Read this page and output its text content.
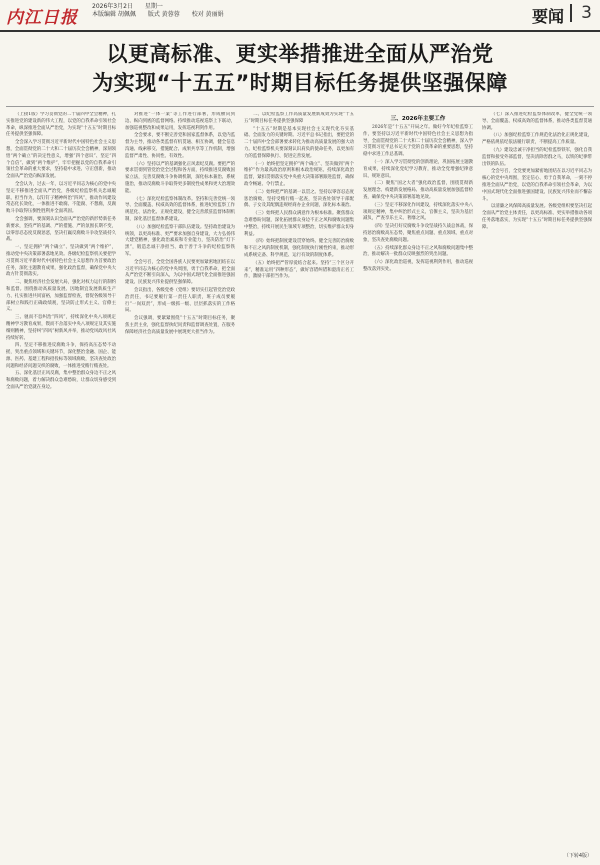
内江日报
2026年3月2日 星期一
本版编辑 胡佩佩 版式 黄蓉蓉 校对 黄丽娟	要闻 3
以更高标准、更实举措推进全面从严治党
为实现“十五五”时期目标任务提供坚强保障

（上接1版）学习贯彻党的二十届四中全会精神，扎实推进党的建设新的伟大工程，以党的自我革命引领社会革命，纵深推进全面从严治党，为实现“十五五”时期目标任务提供坚强保障。

全会深入学习贯彻习近平新时代中国特色社会主义思想，全面贯彻党的二十大和二十届历次全会精神，深刻领悟“两个确立”的决定性意义，增强“四个意识”、坚定“四个自信”、做到“两个维护”，牢牢把握以党的自我革命引领社会革命的重大要求，坚持稳中求进、守正创新，推动全面从严治党向纵深发展。

全会认为，过去一年，以习近平同志为核心的党中央坚定不移推进全面从严治党，各级纪检监察机关忠诚履职、担当作为，以钉钉子精神纠治“四风”，推动作风建设常态化长效化，一体推进不敢腐、不能腐、不想腐，反腐败斗争取得压倒性胜利并全面巩固。

全会强调，要深刻认识全面从严治党的新形势新任务新要求，坚持严的基调、严的措施、严的氛围长期不变，以零容忍态度反腐惩恶，坚决打赢反腐败斗争攻坚战持久战。

一、坚定拥护“两个确立”、坚决做到“两个维护”，推动党中央决策部署落地见效。各级纪检监察机关要把学习贯彻习近平新时代中国特色社会主义思想作为首要政治任务，深化主题教育成果，强化政治监督，确保党中央大政方针贯彻落实。

二、聚焦经济社会发展大局，强化对权力运行的制约和监督。围绕推动高质量发展、因地制宜发展新质生产力、扎实推进共同富裕，加强监督检查，督促各级领导干部树立和践行正确政绩观，坚决防止形式主义、官僚主义。

三、驰而不息纠治“四风”，持续深化中央八项规定精神学习教育成果，锲而不舍落实中央八项规定及其实施细则精神，坚持纠“四风”树新风并举，推动党风政风社风持续好转。

四、坚定不移推进反腐败斗争，保持高压态势不动摇，突出重点领域和关键环节，深化整治金融、国企、能源、医药、基建工程和招投标等领域腐败，坚决查处政治问题和经济问题交织的腐败，一体推进受贿行贿查处。

五、深化基层正风反腐，集中整治群众身边不正之风和腐败问题，着力解决群众急难愁盼，让群众切身感受到全面从严治党就在身边。

对推进“一体一案”等工作进行部署，形成横向到边、纵向到底的监督网络。持续推动巡视巡察上下联动，加强巡视整改和成果运用，发挥巡视利剑作用。

全会要求，要不断完善党和国家监督体系，以党内监督为主导，推动各类监督有机贯通、相互协调，健全信息沟通、线索移交、措施配合、成果共享等工作机制，增强监督严肃性、协同性、有效性。

（六）坚持以严的基调强化正风肃纪反腐。要把严的要求贯彻到管党治党全过程和各方面，持续推进反腐败国家立法，完善反腐败斗争协调机制，深化标本兼治、系统施治，推动反腐败斗争取得更多制度性成果和更大治理效能。

（七）深化纪检监察体制改革。坚持和完善党统一领导、全面覆盖、权威高效的监督体系，推进纪检监察工作规范化、法治化、正规化建设，健全完善派驻监督体制机制，深化基层监督体系建设。

（八）加强纪检监察干部队伍建设。坚持政治建设为统领，以更高标准、更严要求加强自身建设，大力弘扬伟大建党精神，强化政治素质和专业能力，坚决防治“灯下黑”，锻造忠诚干净担当、敢于善于斗争的纪检监察铁军。

全会号召，全党全国各族人民要更加紧密地团结在以习近平同志为核心的党中央周围，勇于自我革命，把全面从严治党不断引向深入，为以中国式现代化全面推进强国建设、民族复兴伟业提供坚强保障。

会议指出，各级党委（党组）要切实扛起管党治党政治责任，书记要履行第一责任人职责，班子成员要履行“一岗双责”，形成一级抓一级、层层抓落实的工作格局。

会议强调，要紧紧围绕“十五五”时期目标任务，聚焦主责主业，强化监督执纪问责和监督调查处置，在服务保障经济社会高质量发展中展现更大担当作为。

二、以纪检监察工作高质量发展新成效为实现“十五五”时期目标任务提供坚强保障

“十五五”时期是基本实现社会主义现代化夯实基础、全面发力的关键时期。习近平总书记指出，要把党的二十届四中全会部署要求转化为推动高质量发展的强大动力。纪检监察机关要深刻认识肩负的使命任务，以更加有力的监督保障执行、促进完善发展。

（一）始终把坚定拥护“两个确立”、坚决做到“两个维护”作为最高政治原则和根本政治规矩。持续深化政治监督，紧扣贯彻落实党中央重大决策部署跟进监督，确保政令畅通、令行禁止。

（二）始终把严的基调一以贯之。坚持以零容忍态度惩治腐败，坚持受贿行贿一起查，坚决查处领导干部配偶、子女及其配偶违规经商办企业问题，深化标本兼治。

（三）始终把人民群众满意作为根本标准。聚焦群众急难愁盼问题，深化拓展群众身边不正之风和腐败问题集中整治，持续开展民生领域专项整治，切实维护群众切身利益。

（四）始终把制度建设贯穿始终。健全完善防治腐败和不正之风的制度机制，强化制度执行刚性约束，推动形成系统完备、科学规范、运行有效的制度体系。

（五）始终把严管厚爱结合起来。坚持“三个区分开来”，精准运用“四种形态”，做好容错纠错和澄清正名工作，激励干部担当作为。

三、2026年主要工作

2026年是“十五五”开局之年。做好今年纪检监察工作，要坚持以习近平新时代中国特色社会主义思想为指导，全面贯彻党的二十大和二十届历次全会精神，深入学习贯彻习近平总书记关于党的自我革命的重要思想，坚持稳中求进工作总基调。

（一）深入学习贯彻党的创新理论，巩固拓展主题教育成果，持续深化党纪学习教育，推动全党增强纪律意识、规矩意识。

（二）聚焦“国之大者”强化政治监督，围绕贯彻新发展理念、构建新发展格局、推动高质量发展加强监督检查，确保党中央决策部署落地见效。

（三）坚定不移深化作风建设，持续深化落实中央八项规定精神，集中纠治形式主义、官僚主义，坚决为基层减负，严查享乐主义、奢靡之风。

（四）坚决打好反腐败斗争攻坚战持久战总体战，保持惩治腐败高压态势，聚焦重点问题、重点领域、重点对象，坚决查处腐败问题。

（五）持续深化群众身边不正之风和腐败问题集中整治，推动解决一批群众反映强烈的突出问题。

（六）深化政治巡视，发挥巡视利剑作用，推动巡视整改落到实处。

（七）深入推进纪检监察体制改革，健全党统一领导、全面覆盖、权威高效的监督体系，推动各类监督贯通协调。

（八）加强纪检监察工作规范化法治化正规化建设，严格依规依纪依法履行职责，不断提高工作质量。

（九）建设忠诚干净担当的纪检监察铁军，强化自我监督和接受外部监督，坚决清除害群之马，以铁的纪律带出铁的队伍。

全会号召，全党要更加紧密地团结在以习近平同志为核心的党中央周围，坚定信心、勇于自我革命，一刻不停推进全面从严治党，以党的自我革命引领社会革命，为以中国式现代化全面推进强国建设、民族复兴伟业而不懈奋斗。

以清廉之风保障高质量发展。各级党组织要坚决扛起全面从严治党主体责任，以更高标准、更实举措推动各项任务落地落实，为实现“十五五”时期目标任务提供坚强保障。

（下转4版）
